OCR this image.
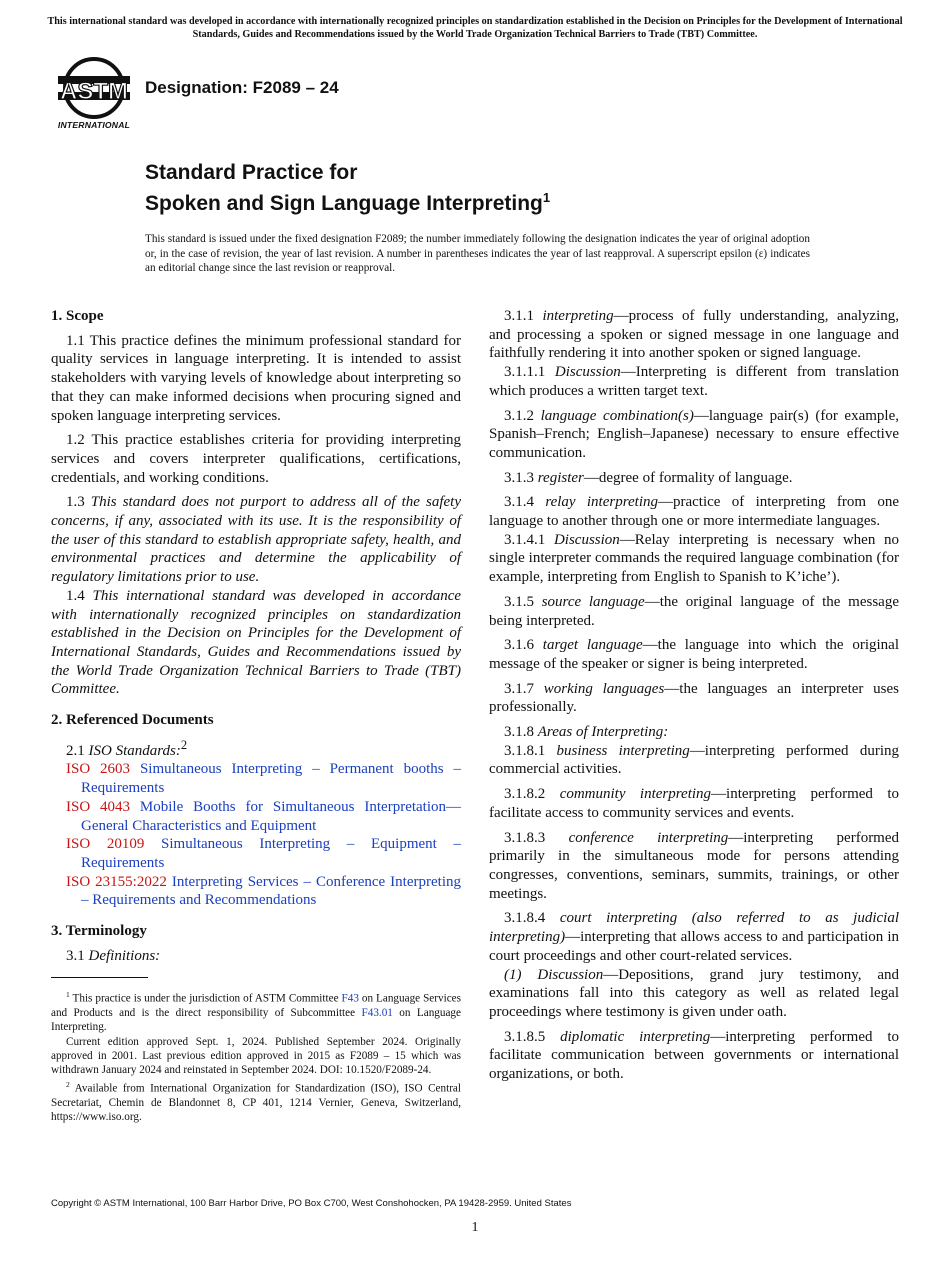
This international standard was developed in accordance with internationally recognized principles on standardization established in the Decision on Principles for the Development of International Standards, Guides and Recommendations issued by the World Trade Organization Technical Barriers to Trade (TBT) Committee.
ASTM
INTERNATIONAL
Designation: F2089 – 24
Standard Practice for
Spoken and Sign Language Interpreting$^1$
This standard is issued under the fixed designation F2089; the number immediately following the designation indicates the year of original adoption or, in the case of revision, the year of last revision. A number in parentheses indicates the year of last reapproval. A superscript epsilon (ε) indicates an editorial change since the last revision or reapproval.

1. Scope

1.1 This practice defines the minimum professional standard for quality services in language interpreting. It is intended to assist stakeholders with varying levels of knowledge about interpreting so that they can make informed decisions when procuring signed and spoken language interpreting services.

1.2 This practice establishes criteria for providing interpreting services and covers interpreter qualifications, certifications, credentials, and working conditions.

1.3 This standard does not purport to address all of the safety concerns, if any, associated with its use. It is the responsibility of the user of this standard to establish appropriate safety, health, and environmental practices and determine the applicability of regulatory limitations prior to use.

1.4 This international standard was developed in accordance with internationally recognized principles on standardization established in the Decision on Principles for the Development of International Standards, Guides and Recommendations issued by the World Trade Organization Technical Barriers to Trade (TBT) Committee.

2. Referenced Documents

2.1 ISO Standards:$^2$

ISO 2603 Simultaneous Interpreting – Permanent booths – Requirements

ISO 4043 Mobile Booths for Simultaneous Interpretation—General Characteristics and Equipment

ISO 20109 Simultaneous Interpreting – Equipment – Requirements

ISO 23155:2022 Interpreting Services – Conference Interpreting – Requirements and Recommendations

3. Terminology

3.1 Definitions:

$^1$ This practice is under the jurisdiction of ASTM Committee F43 on Language Services and Products and is the direct responsibility of Subcommittee F43.01 on Language Interpreting.

Current edition approved Sept. 1, 2024. Published September 2024. Originally approved in 2001. Last previous edition approved in 2015 as F2089 – 15 which was withdrawn January 2024 and reinstated in September 2024. DOI: 10.1520/F2089-24.

$^2$ Available from International Organization for Standardization (ISO), ISO Central Secretariat, Chemin de Blandonnet 8, CP 401, 1214 Vernier, Geneva, Switzerland, https://www.iso.org.

3.1.1 interpreting—process of fully understanding, analyzing, and processing a spoken or signed message in one language and faithfully rendering it into another spoken or signed language.

3.1.1.1 Discussion—Interpreting is different from translation which produces a written target text.

3.1.2 language combination(s)—language pair(s) (for example, Spanish–French; English–Japanese) necessary to ensure effective communication.

3.1.3 register—degree of formality of language.

3.1.4 relay interpreting—practice of interpreting from one language to another through one or more intermediate languages.

3.1.4.1 Discussion—Relay interpreting is necessary when no single interpreter commands the required language combination (for example, interpreting from English to Spanish to K’iche’).

3.1.5 source language—the original language of the message being interpreted.

3.1.6 target language—the language into which the original message of the speaker or signer is being interpreted.

3.1.7 working languages—the languages an interpreter uses professionally.

3.1.8 Areas of Interpreting:

3.1.8.1 business interpreting—interpreting performed during commercial activities.

3.1.8.2 community interpreting—interpreting performed to facilitate access to community services and events.

3.1.8.3 conference interpreting—interpreting performed primarily in the simultaneous mode for persons attending congresses, conventions, seminars, summits, trainings, or other meetings.

3.1.8.4 court interpreting (also referred to as judicial interpreting)—interpreting that allows access to and participation in court proceedings and other court-related services.

(1) Discussion—Depositions, grand jury testimony, and examinations fall into this category as well as related legal proceedings where testimony is given under oath.

3.1.8.5 diplomatic interpreting—interpreting performed to facilitate communication between governments or international organizations, or both.

Copyright © ASTM International, 100 Barr Harbor Drive, PO Box C700, West Conshohocken, PA 19428-2959. United States
1
